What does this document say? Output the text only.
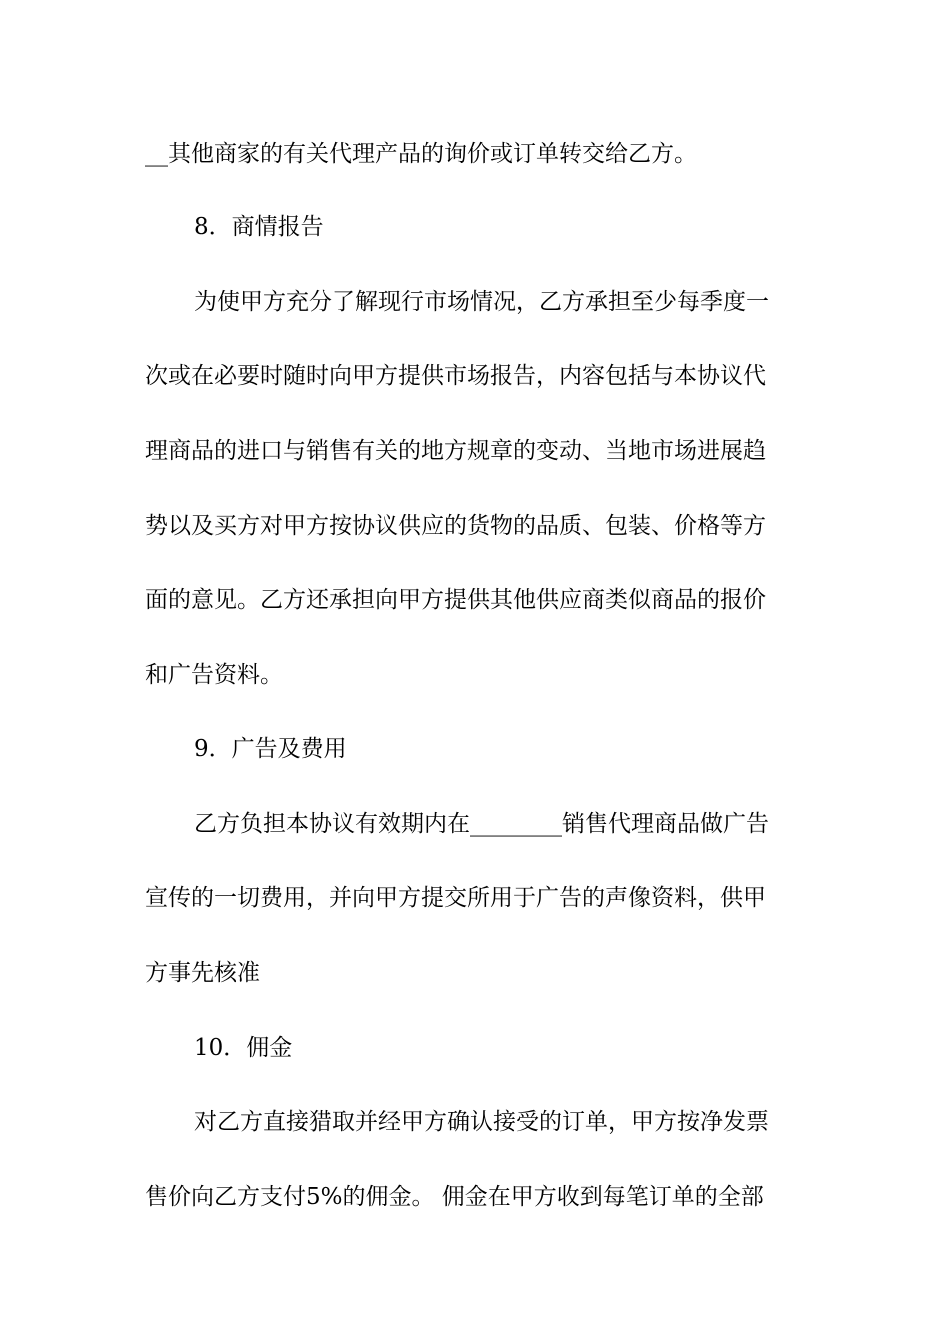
__其他商家的有关代理产品的询价或订单转交给乙方。
8．商情报告
为使甲方充分了解现行市场情况，乙方承担至少每季度一
次或在必要时随时向甲方提供市场报告，内容包括与本协议代
理商品的进口与销售有关的地方规章的变动、当地市场进展趋
势以及买方对甲方按协议供应的货物的品质、包装、价格等方
面的意见。乙方还承担向甲方提供其他供应商类似商品的报价
和广告资料。
9．广告及费用
乙方负担本协议有效期内在________销售代理商品做广告
宣传的一切费用，并向甲方提交所用于广告的声像资料，供甲
方事先核准
10．佣金
对乙方直接猎取并经甲方确认接受的订单，甲方按净发票
售价向乙方支付5%的佣金。 佣金在甲方收到每笔订单的全部
